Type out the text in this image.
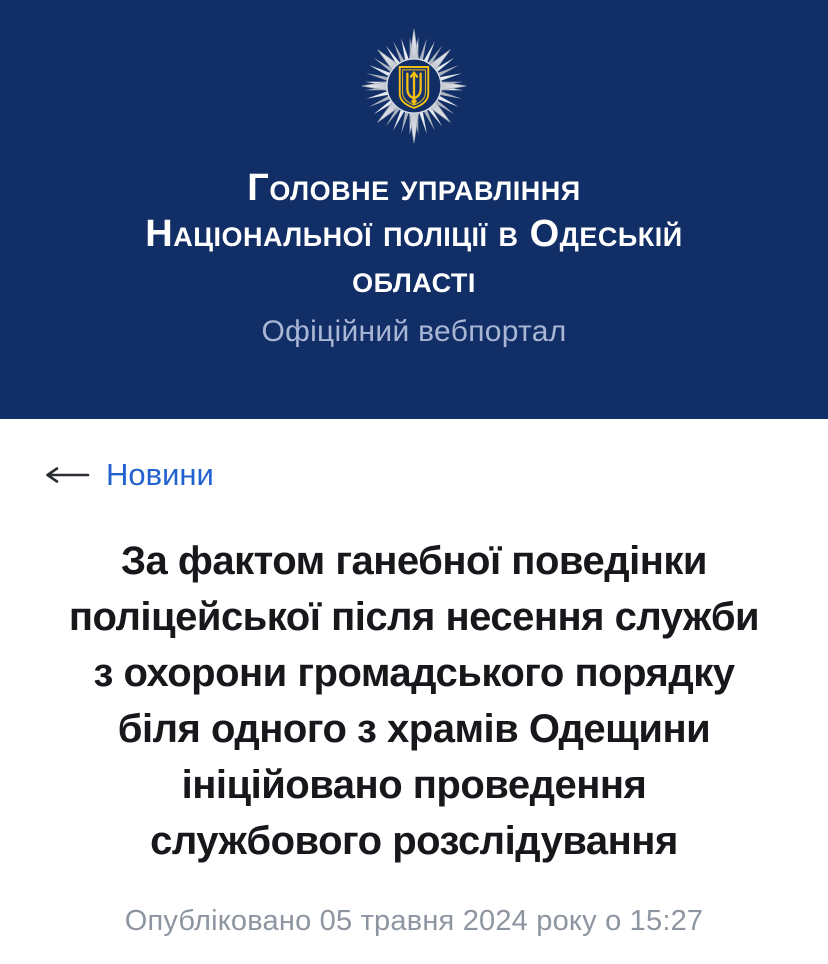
Головне управління
Національної поліції в Одеській
області
Офіційний вебпортал
Новини
За фактом ганебної поведінки
поліцейської після несення служби
з охорони громадського порядку
біля одного з храмів Одещини
ініційовано проведення
службового розслідування

Опубліковано 05 травня 2024 року о 15:27
